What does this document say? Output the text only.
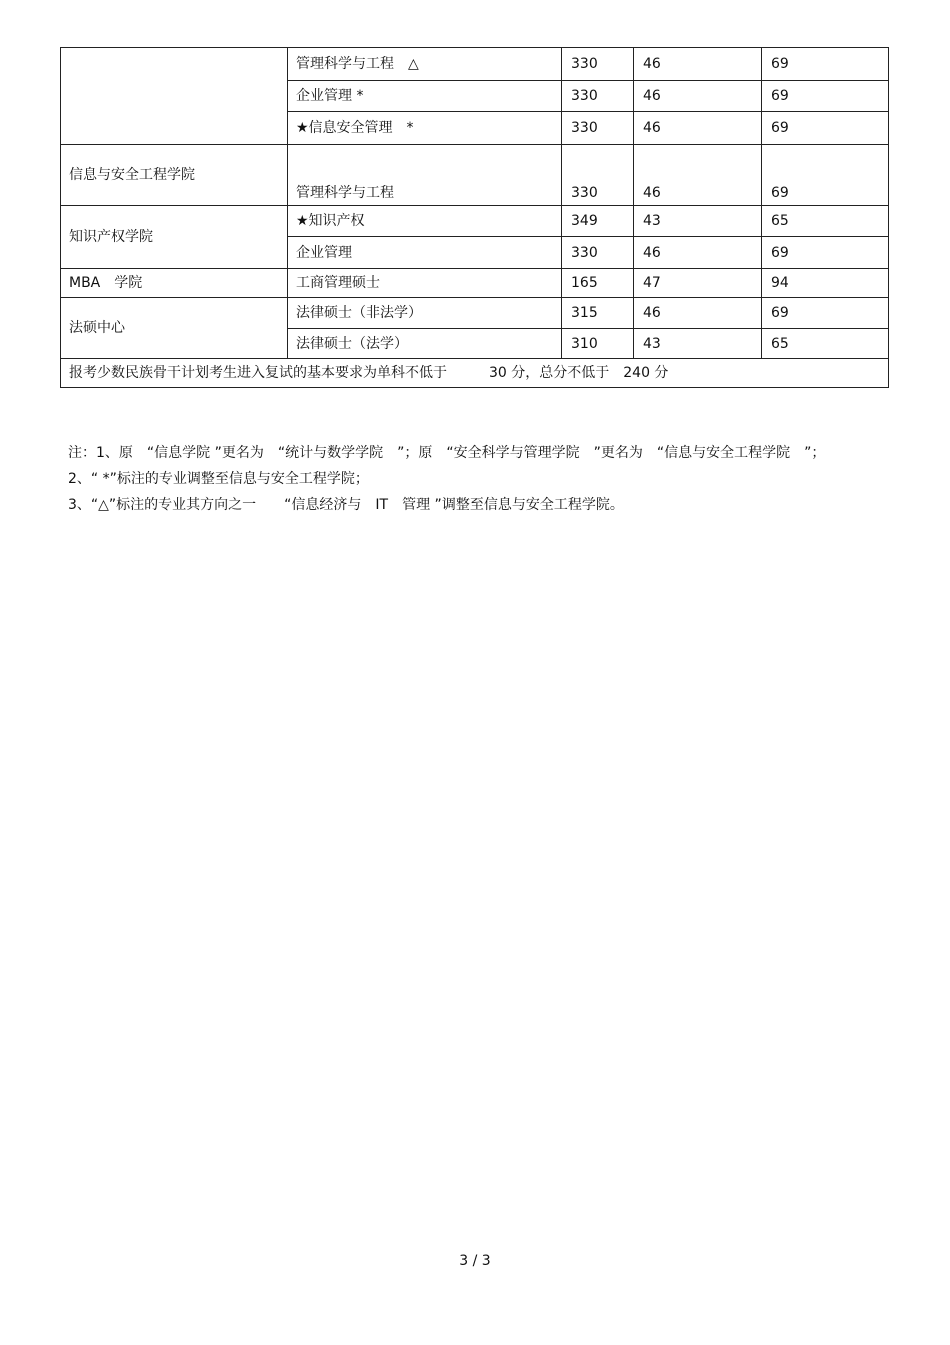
	管理科学与工程　△	330	46	69
	企业管理 *	330	46	69
	★信息安全管理　*	330	46	69
信息与安全工程学院	管理科学与工程	330	46	69
知识产权学院	★知识产权	349	43	65
	企业管理	330	46	69
MBA　学院	工商管理硕士	165	47	94
法硕中心	法律硕士（非法学）	315	46	69
	法律硕士（法学）	310	43	65
报考少数民族骨干计划考生进入复试的基本要求为单科不低于　　　30 分，总分不低于　240 分				
注：1、原　“信息学院 ”更名为　“统计与数学学院　”；原　“安全科学与管理学院　”更名为　“信息与安全工程学院　”；
2、“ *”标注的专业调整至信息与安全工程学院；
3、“△”标注的专业其方向之一　　“信息经济与　IT　管理 ”调整至信息与安全工程学院。
3 / 3
